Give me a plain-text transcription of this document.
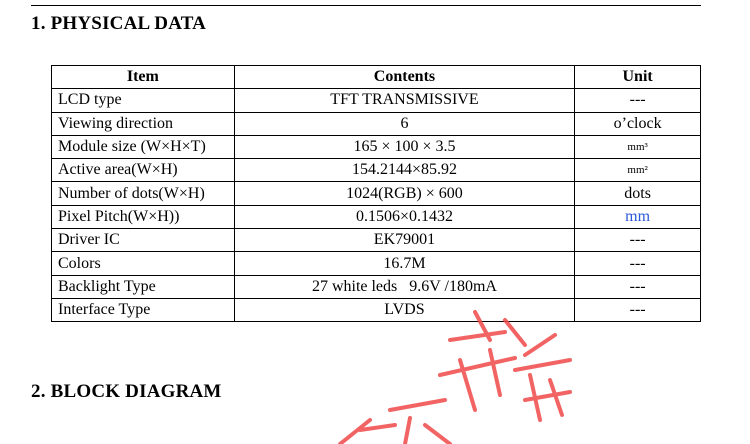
1. PHYSICAL DATA
Item	Contents	Unit
LCD type	TFT TRANSMISSIVE	---
Viewing direction	6	o’clock
Module size (W×H×T)	165 × 100 × 3.5	mm³
Active area(W×H)	154.2144×85.92	mm²
Number of dots(W×H)	1024(RGB) × 600	dots
Pixel Pitch(W×H))	0.1506×0.1432	mm
Driver IC	EK79001	---
Colors	16.7M	---
Backlight Type	27 white leds   9.6V /180mA	---
Interface Type	LVDS	---
2. BLOCK DIAGRAM
